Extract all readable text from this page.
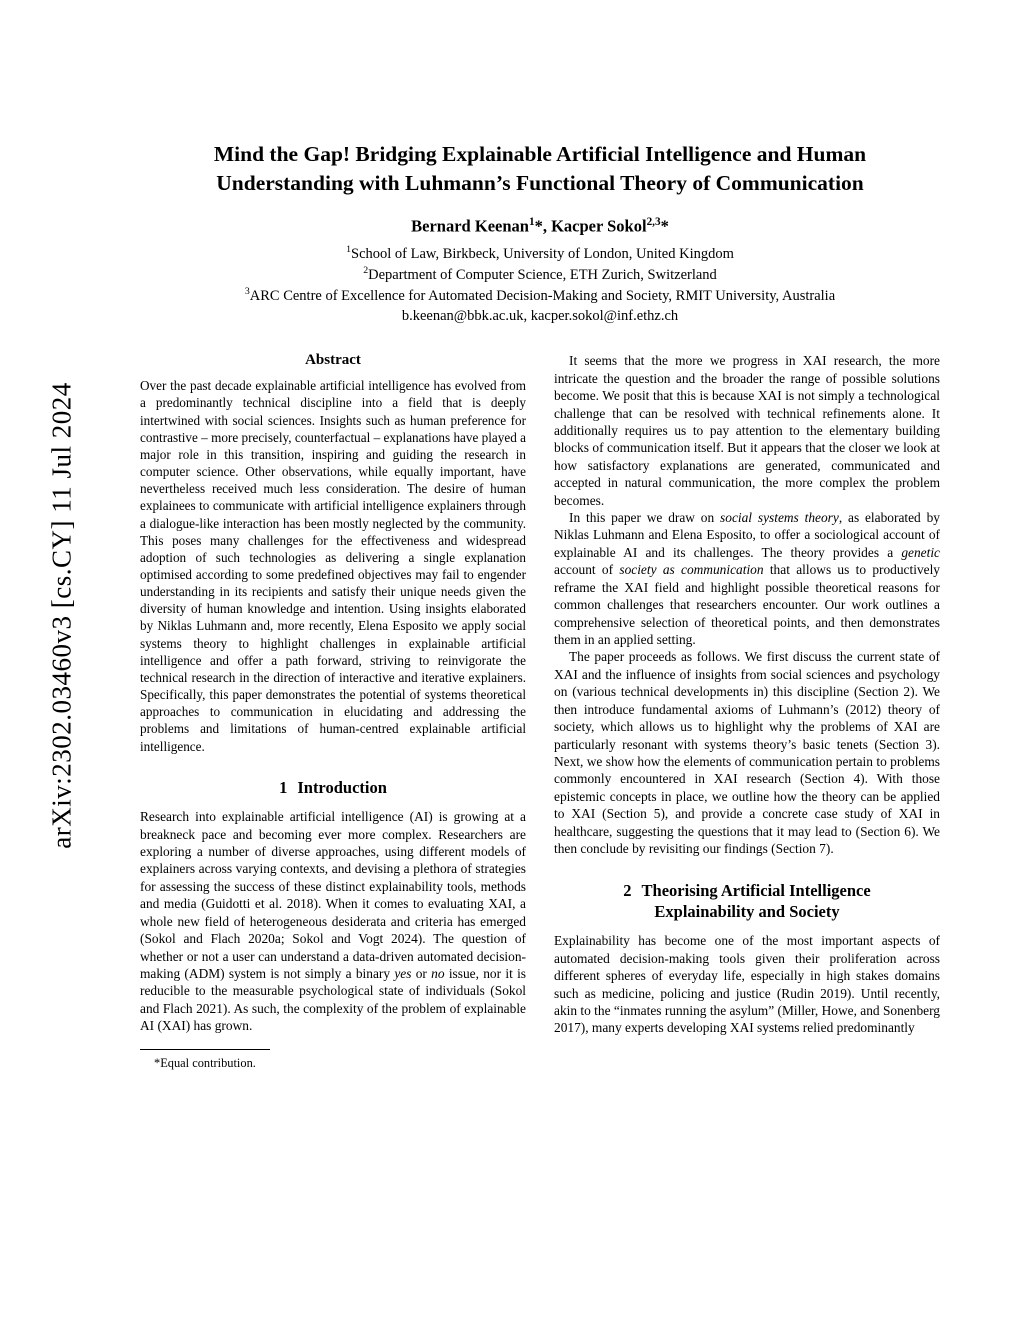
arXiv:2302.03460v3 [cs.CY] 11 Jul 2024
Mind the Gap! Bridging Explainable Artificial Intelligence and Human
Understanding with Luhmann’s Functional Theory of Communication
Bernard Keenan$^1$*, Kacper Sokol$^{2,3}$*
$^1$School of Law, Birkbeck, University of London, United Kingdom
$^2$Department of Computer Science, ETH Zurich, Switzerland
$^3$ARC Centre of Excellence for Automated Decision-Making and Society, RMIT University, Australia
b.keenan@bbk.ac.uk, kacper.sokol@inf.ethz.ch
Abstract

Over the past decade explainable artificial intelligence has evolved from a predominantly technical discipline into a field that is deeply intertwined with social sciences. Insights such as human preference for contrastive – more precisely, counterfactual – explanations have played a major role in this transition, inspiring and guiding the research in computer science. Other observations, while equally important, have nevertheless received much less consideration. The desire of human explainees to communicate with artificial intelligence explainers through a dialogue-like interaction has been mostly neglected by the community. This poses many challenges for the effectiveness and widespread adoption of such technologies as delivering a single explanation optimised according to some predefined objectives may fail to engender understanding in its recipients and satisfy their unique needs given the diversity of human knowledge and intention. Using insights elaborated by Niklas Luhmann and, more recently, Elena Esposito we apply social systems theory to highlight challenges in explainable artificial intelligence and offer a path forward, striving to reinvigorate the technical research in the direction of interactive and iterative explainers. Specifically, this paper demonstrates the potential of systems theoretical approaches to communication in elucidating and addressing the problems and limitations of human-centred explainable artificial intelligence.

1 Introduction

Research into explainable artificial intelligence (AI) is growing at a breakneck pace and becoming ever more complex. Researchers are exploring a number of diverse approaches, using different models of explainers across varying contexts, and devising a plethora of strategies for assessing the success of these distinct explainability tools, methods and media (Guidotti et al. 2018). When it comes to evaluating XAI, a whole new field of heterogeneous desiderata and criteria has emerged (Sokol and Flach 2020a; Sokol and Vogt 2024). The question of whether or not a user can understand a data-driven automated decision-making (ADM) system is not simply a binary yes or no issue, nor it is reducible to the measurable psychological state of individuals (Sokol and Flach 2021). As such, the complexity of the problem of explainable AI (XAI) has grown.

*Equal contribution.

It seems that the more we progress in XAI research, the more intricate the question and the broader the range of possible solutions become. We posit that this is because XAI is not simply a technological challenge that can be resolved with technical refinements alone. It additionally requires us to pay attention to the elementary building blocks of communication itself. But it appears that the closer we look at how satisfactory explanations are generated, communicated and accepted in natural communication, the more complex the problem becomes.

In this paper we draw on social systems theory, as elaborated by Niklas Luhmann and Elena Esposito, to offer a sociological account of explainable AI and its challenges. The theory provides a genetic account of society as communication that allows us to productively reframe the XAI field and highlight possible theoretical reasons for common challenges that researchers encounter. Our work outlines a comprehensive selection of theoretical points, and then demonstrates them in an applied setting.

The paper proceeds as follows. We first discuss the current state of XAI and the influence of insights from social sciences and psychology on (various technical developments in) this discipline (Section 2). We then introduce fundamental axioms of Luhmann’s (2012) theory of society, which allows us to highlight why the problems of XAI are particularly resonant with systems theory’s basic tenets (Section 3). Next, we show how the elements of communication pertain to problems commonly encountered in XAI research (Section 4). With those epistemic concepts in place, we outline how the theory can be applied to XAI (Section 5), and provide a concrete case study of XAI in healthcare, suggesting the questions that it may lead to (Section 6). We then conclude by revisiting our findings (Section 7).

2 Theorising Artificial Intelligence
Explainability and Society

Explainability has become one of the most important aspects of automated decision-making tools given their proliferation across different spheres of everyday life, especially in high stakes domains such as medicine, policing and justice (Rudin 2019). Until recently, akin to the “inmates running the asylum” (Miller, Howe, and Sonenberg 2017), many experts developing XAI systems relied predominantly
